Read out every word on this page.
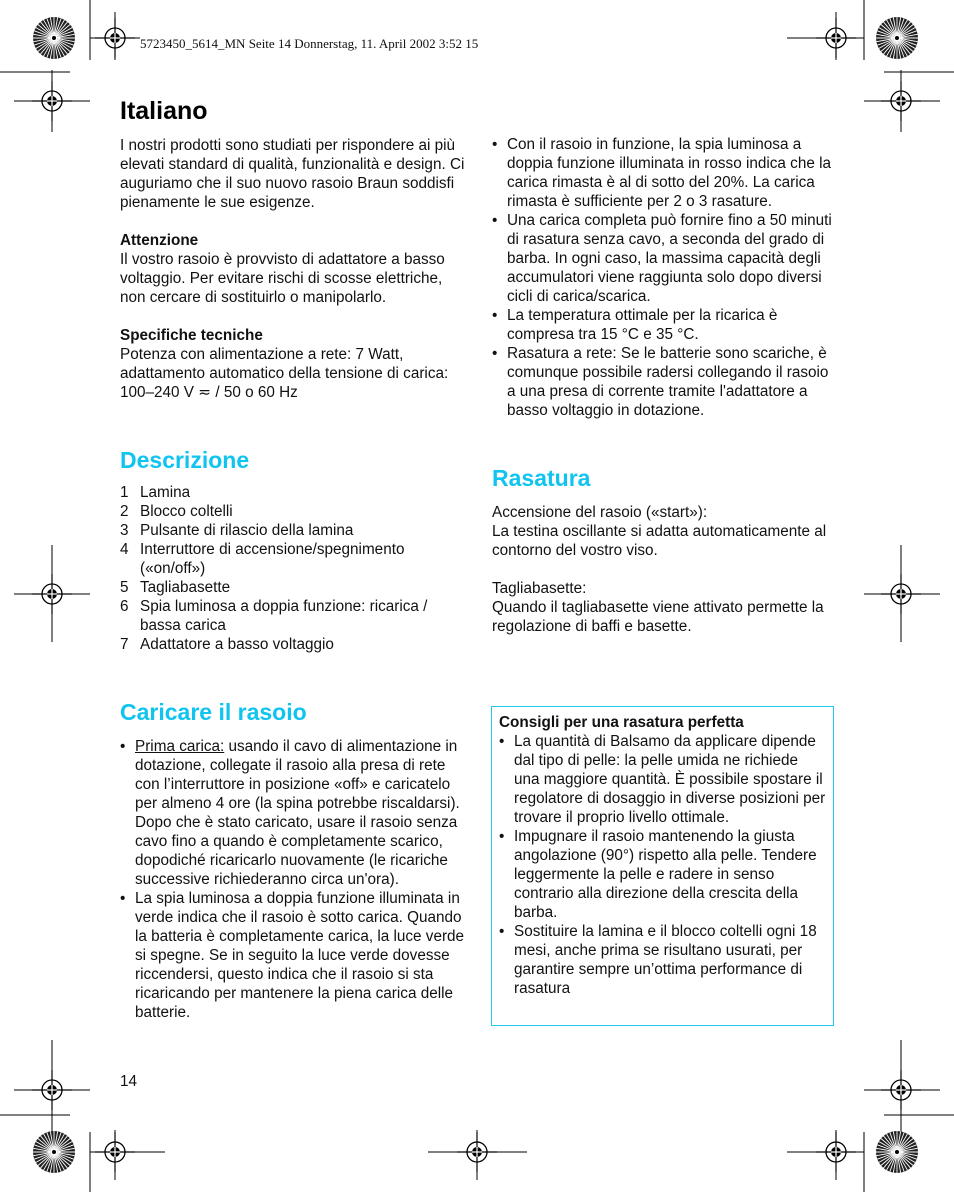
5723450_5614_MN Seite 14 Donnerstag, 11. April 2002 3:52 15
Italiano

I nostri prodotti sono studiati per rispondere ai più elevati standard di qualità, funzionalità e design. Ci auguriamo che il suo nuovo rasoio Braun soddisfi pienamente le sue esigenze.

Attenzione

Il vostro rasoio è provvisto di adattatore a basso voltaggio. Per evitare rischi di scosse elettriche, non cercare di sostituirlo o manipolarlo.

Specifiche tecniche

Potenza con alimentazione a rete: 7 Watt, adattamento automatico della tensione di carica: 100–240 V ≂ / 50 o 60 Hz

Descrizione
1 Lamina
2 Blocco coltelli
3 Pulsante di rilascio della lamina
4 Interruttore di accensione/spegnimento («on/off»)
5 Tagliabasette
6 Spia luminosa a doppia funzione: ricarica / bassa carica
7 Adattatore a basso voltaggio
Caricare il rasoio
• Prima carica: usando il cavo di alimentazione in dotazione, collegate il rasoio alla presa di rete con l’interruttore in posizione «off» e caricatelo per almeno 4 ore (la spina potrebbe riscaldarsi). Dopo che è stato caricato, usare il rasoio senza cavo fino a quando è completamente scarico, dopodiché ricaricarlo nuovamente (le ricariche successive richiederanno circa un'ora).
• La spia luminosa a doppia funzione illuminata in verde indica che il rasoio è sotto carica. Quando la batteria è completamente carica, la luce verde si spegne. Se in seguito la luce verde dovesse riccendersi, questo indica che il rasoio si sta ricaricando per mantenere la piena carica delle batterie.
• Con il rasoio in funzione, la spia luminosa a doppia funzione illuminata in rosso indica che la carica rimasta è al di sotto del 20%. La carica rimasta è sufficiente per 2 o 3 rasature.
• Una carica completa può fornire fino a 50 minuti di rasatura senza cavo, a seconda del grado di barba. In ogni caso, la massima capacità degli accumulatori viene raggiunta solo dopo diversi cicli di carica/scarica.
• La temperatura ottimale per la ricarica è compresa tra 15 °C e 35 °C.
• Rasatura a rete: Se le batterie sono scariche, è comunque possibile radersi collegando il rasoio a una presa di corrente tramite l'adattatore a basso voltaggio in dotazione.
Rasatura

Accensione del rasoio («start»):

La testina oscillante si adatta automaticamente al contorno del vostro viso.

Tagliabasette:

Quando il tagliabasette viene attivato permette la regolazione di baffi e basette.

Consigli per una rasatura perfetta

• La quantità di Balsamo da applicare dipende dal tipo di pelle: la pelle umida ne richiede una maggiore quantità. È possibile spostare il regolatore di dosaggio in diverse posizioni per trovare il proprio livello ottimale.
• Impugnare il rasoio mantenendo la giusta angolazione (90°) rispetto alla pelle. Tendere leggermente la pelle e radere in senso contrario alla direzione della crescita della barba.
• Sostituire la lamina e il blocco coltelli ogni 18 mesi, anche prima se risultano usurati, per garantire sempre un’ottima performance di rasatura
14
